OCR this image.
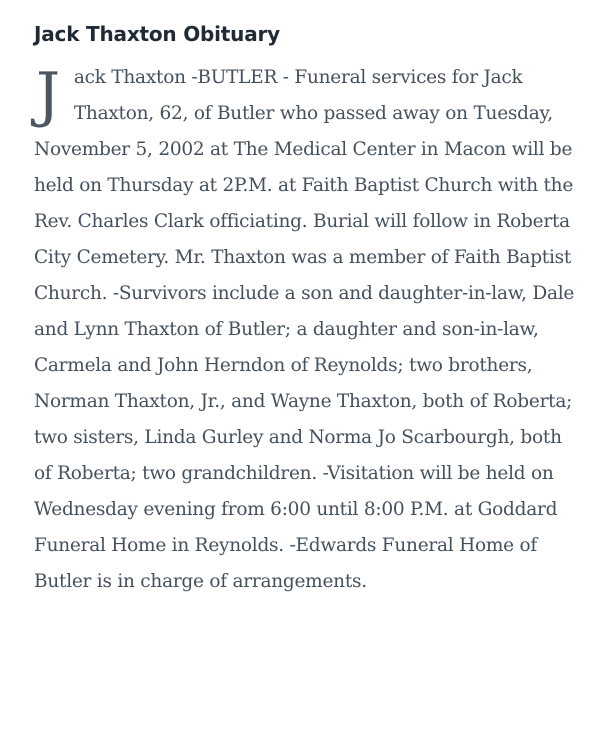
Jack Thaxton Obituary

Jack Thaxton -BUTLER - Funeral services for Jack Thaxton, 62, of Butler who passed away on Tuesday, November 5, 2002 at The Medical Center in Macon will be held on Thursday at 2P.M. at Faith Baptist Church with the Rev. Charles Clark officiating. Burial will follow in Roberta City Cemetery. Mr. Thaxton was a member of Faith Baptist Church. -Survivors include a son and daughter-in-law, Dale and Lynn Thaxton of Butler; a daughter and son-in-law, Carmela and John Herndon of Reynolds; two brothers, Norman Thaxton, Jr., and Wayne Thaxton, both of Roberta; two sisters, Linda Gurley and Norma Jo Scarbourgh, both of Roberta; two grandchildren. -Visitation will be held on Wednesday evening from 6:00 until 8:00 P.M. at Goddard Funeral Home in Reynolds. -Edwards Funeral Home of Butler is in charge of arrangements.
